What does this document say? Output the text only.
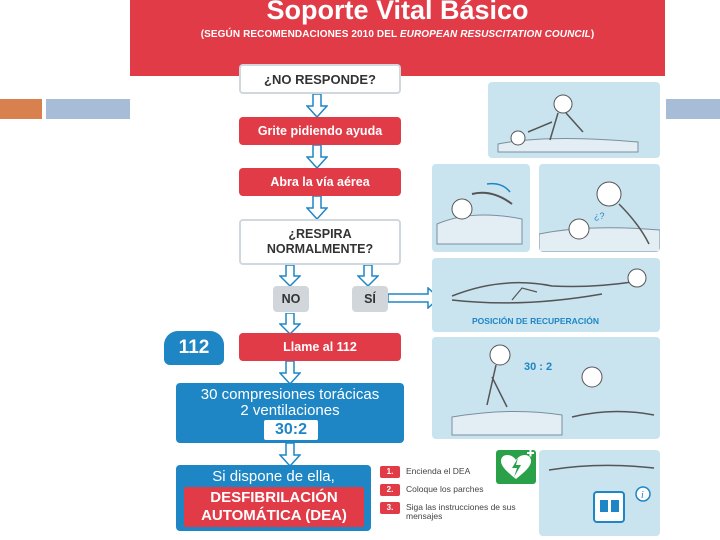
Soporte Vital Básico
(SEGÚN RECOMENDACIONES 2010 DEL EUROPEAN RESUSCITATION COUNCIL)
¿NO RESPONDE?
Grite pidiendo ayuda
Abra la vía aérea
¿RESPIRA
NORMALMENTE?
NO	SÍ
Llame al 112
112
30 compresiones torácicas
2 ventilaciones
30:2
Si dispone de ella,
DESFIBRILACIÓN
AUTOMÁTICA (DEA)
1.	Encienda el DEA
2.	Coloque los parches
3.	Siga las instrucciones de sus mensajes
¿?
POSICIÓN DE RECUPERACIÓN
30 : 2
i
